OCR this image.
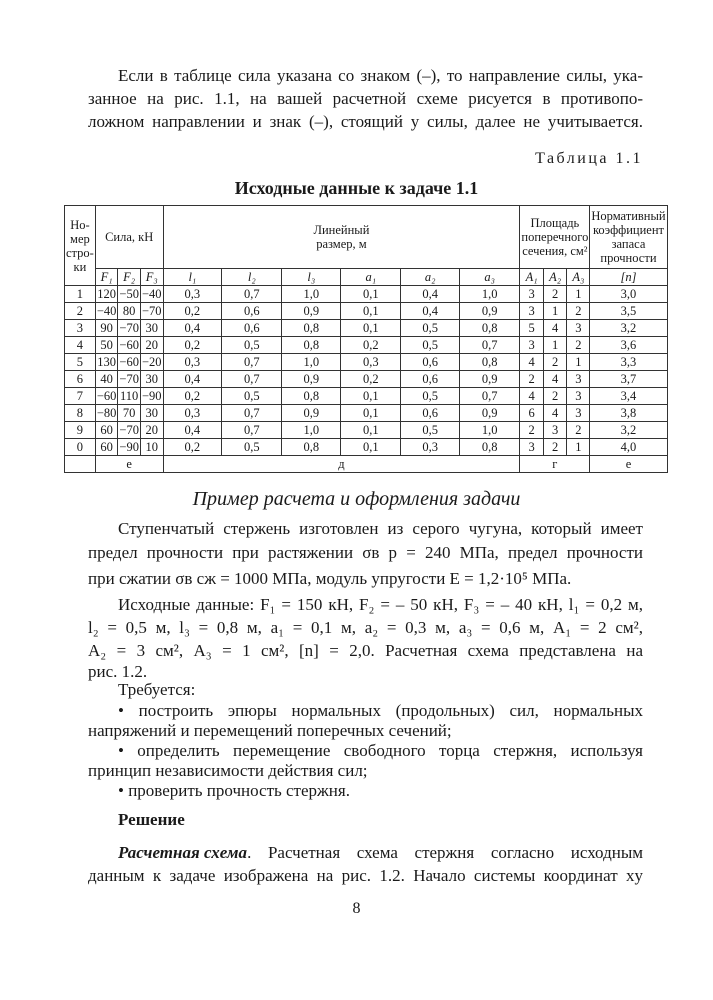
Если в таблице сила указана со знаком (–), то направление силы, ука-
занное на рис. 1.1, на вашей расчетной схеме рисуется в противопо-
ложном направлении и знак (–), стоящий у силы, далее не учитывается.
Таблица 1.1
Исходные данные к задаче 1.1
Но-мер стро-ки	Сила, кН			Линейный размер, м						Площадь поперечного сечения, см²			Нормативный коэффициент запаса прочности
	F₁	F₂	F₃	l₁	l₂	l₃	a₁	a₂	a₃	A₁	A₂	A₃	[n]
1	120	−50	−40	0,3	0,7	1,0	0,1	0,4	1,0	3	2	1	3,0
2	−40	80	−70	0,2	0,6	0,9	0,1	0,4	0,9	3	1	2	3,5
3	90	−70	30	0,4	0,6	0,8	0,1	0,5	0,8	5	4	3	3,2
4	50	−60	20	0,2	0,5	0,8	0,2	0,5	0,7	3	1	2	3,6
5	130	−60	−20	0,3	0,7	1,0	0,3	0,6	0,8	4	2	1	3,3
6	40	−70	30	0,4	0,7	0,9	0,2	0,6	0,9	2	4	3	3,7
7	−60	110	−90	0,2	0,5	0,8	0,1	0,5	0,7	4	2	3	3,4
8	−80	70	30	0,3	0,7	0,9	0,1	0,6	0,9	6	4	3	3,8
9	60	−70	20	0,4	0,7	1,0	0,1	0,5	1,0	2	3	2	3,2
0	60	−90	10	0,2	0,5	0,8	0,1	0,3	0,8	3	2	1	4,0
	е			д						г			е
Пример расчета и оформления задачи
Ступенчатый стержень изготовлен из серого чугуна, который имеет
предел прочности при растяжении σв р = 240 МПа, предел прочности
при сжатии σв сж = 1000 МПа, модуль упругости E = 1,2·10⁵ МПа.
Исходные данные: F₁ = 150 кН, F₂ = – 50 кН, F₃ = – 40 кН, l₁ = 0,2 м,
l₂ = 0,5 м, l₃ = 0,8 м, a₁ = 0,1 м, a₂ = 0,3 м, a₃ = 0,6 м, A₁ = 2 см²,
A₂ = 3 см², A₃ = 1 см², [n] = 2,0. Расчетная схема представлена на
рис. 1.2.
Требуется:
• построить эпюры нормальных (продольных) сил, нормальных
напряжений и перемещений поперечных сечений;
• определить перемещение свободного торца стержня, используя
принцип независимости действия сил;
• проверить прочность стержня.
Решение
Расчетная схема . Расчетная схема стержня согласно исходным
данным к задаче изображена на рис. 1.2. Начало системы координат xy
8
